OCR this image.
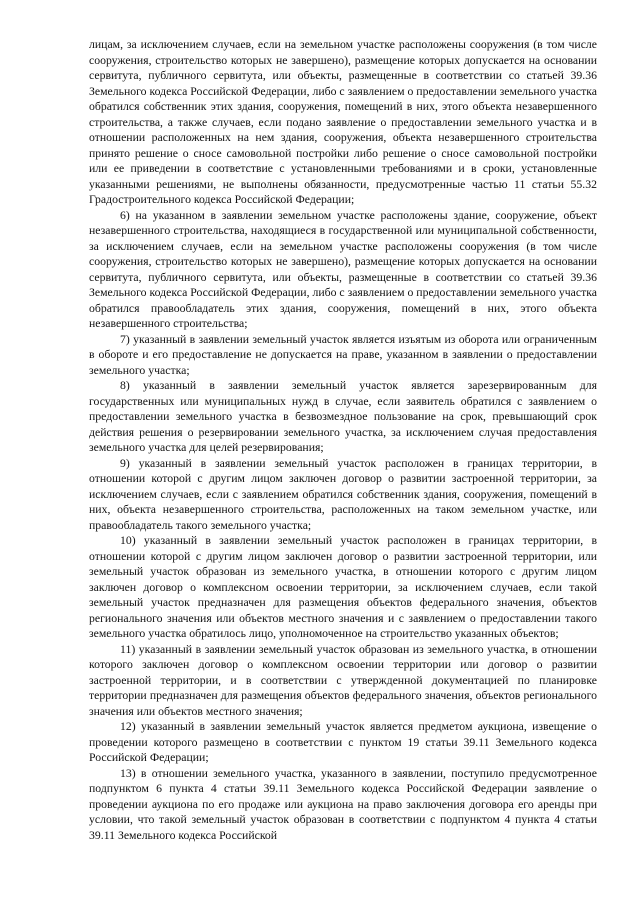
лицам, за исключением случаев, если на земельном участке расположены сооружения (в том числе сооружения, строительство которых не завершено), размещение которых допускается на основании сервитута, публичного сервитута, или объекты, размещенные в соответствии со статьей 39.36 Земельного кодекса Российской Федерации, либо с заявлением о предоставлении земельного участка обратился собственник этих здания, сооружения, помещений в них, этого объекта незавершенного строительства, а также случаев, если подано заявление о предоставлении земельного участка и в отношении расположенных на нем здания, сооружения, объекта незавершенного строительства принято решение о сносе самовольной постройки либо решение о сносе самовольной постройки или ее приведении в соответствие с установленными требованиями и в сроки, установленные указанными решениями, не выполнены обязанности, предусмотренные частью 11 статьи 55.32 Градостроительного кодекса Российской Федерации;

6) на указанном в заявлении земельном участке расположены здание, сооружение, объект незавершенного строительства, находящиеся в государственной или муниципальной собственности, за исключением случаев, если на земельном участке расположены сооружения (в том числе сооружения, строительство которых не завершено), размещение которых допускается на основании сервитута, публичного сервитута, или объекты, размещенные в соответствии со статьей 39.36 Земельного кодекса Российской Федерации, либо с заявлением о предоставлении земельного участка обратился правообладатель этих здания, сооружения, помещений в них, этого объекта незавершенного строительства;

7) указанный в заявлении земельный участок является изъятым из оборота или ограниченным в обороте и его предоставление не допускается на праве, указанном в заявлении о предоставлении земельного участка;

8) указанный в заявлении земельный участок является зарезервированным для государственных или муниципальных нужд в случае, если заявитель обратился с заявлением о предоставлении земельного участка в безвозмездное пользование на срок, превышающий срок действия решения о резервировании земельного участка, за исключением случая предоставления земельного участка для целей резервирования;

9) указанный в заявлении земельный участок расположен в границах территории, в отношении которой с другим лицом заключен договор о развитии застроенной территории, за исключением случаев, если с заявлением обратился собственник здания, сооружения, помещений в них, объекта незавершенного строительства, расположенных на таком земельном участке, или правообладатель такого земельного участка;

10) указанный в заявлении земельный участок расположен в границах территории, в отношении которой с другим лицом заключен договор о развитии застроенной территории, или земельный участок образован из земельного участка, в отношении которого с другим лицом заключен договор о комплексном освоении территории, за исключением случаев, если такой земельный участок предназначен для размещения объектов федерального значения, объектов регионального значения или объектов местного значения и с заявлением о предоставлении такого земельного участка обратилось лицо, уполномоченное на строительство указанных объектов;

11) указанный в заявлении земельный участок образован из земельного участка, в отношении которого заключен договор о комплексном освоении территории или договор о развитии застроенной территории, и в соответствии с утвержденной документацией по планировке территории предназначен для размещения объектов федерального значения, объектов регионального значения или объектов местного значения;

12) указанный в заявлении земельный участок является предметом аукциона, извещение о проведении которого размещено в соответствии с пунктом 19 статьи 39.11 Земельного кодекса Российской Федерации;

13) в отношении земельного участка, указанного в заявлении, поступило предусмотренное подпунктом 6 пункта 4 статьи 39.11 Земельного кодекса Российской Федерации заявление о проведении аукциона по его продаже или аукциона на право заключения договора его аренды при условии, что такой земельный участок образован в соответствии с подпунктом 4 пункта 4 статьи 39.11 Земельного кодекса Российской
